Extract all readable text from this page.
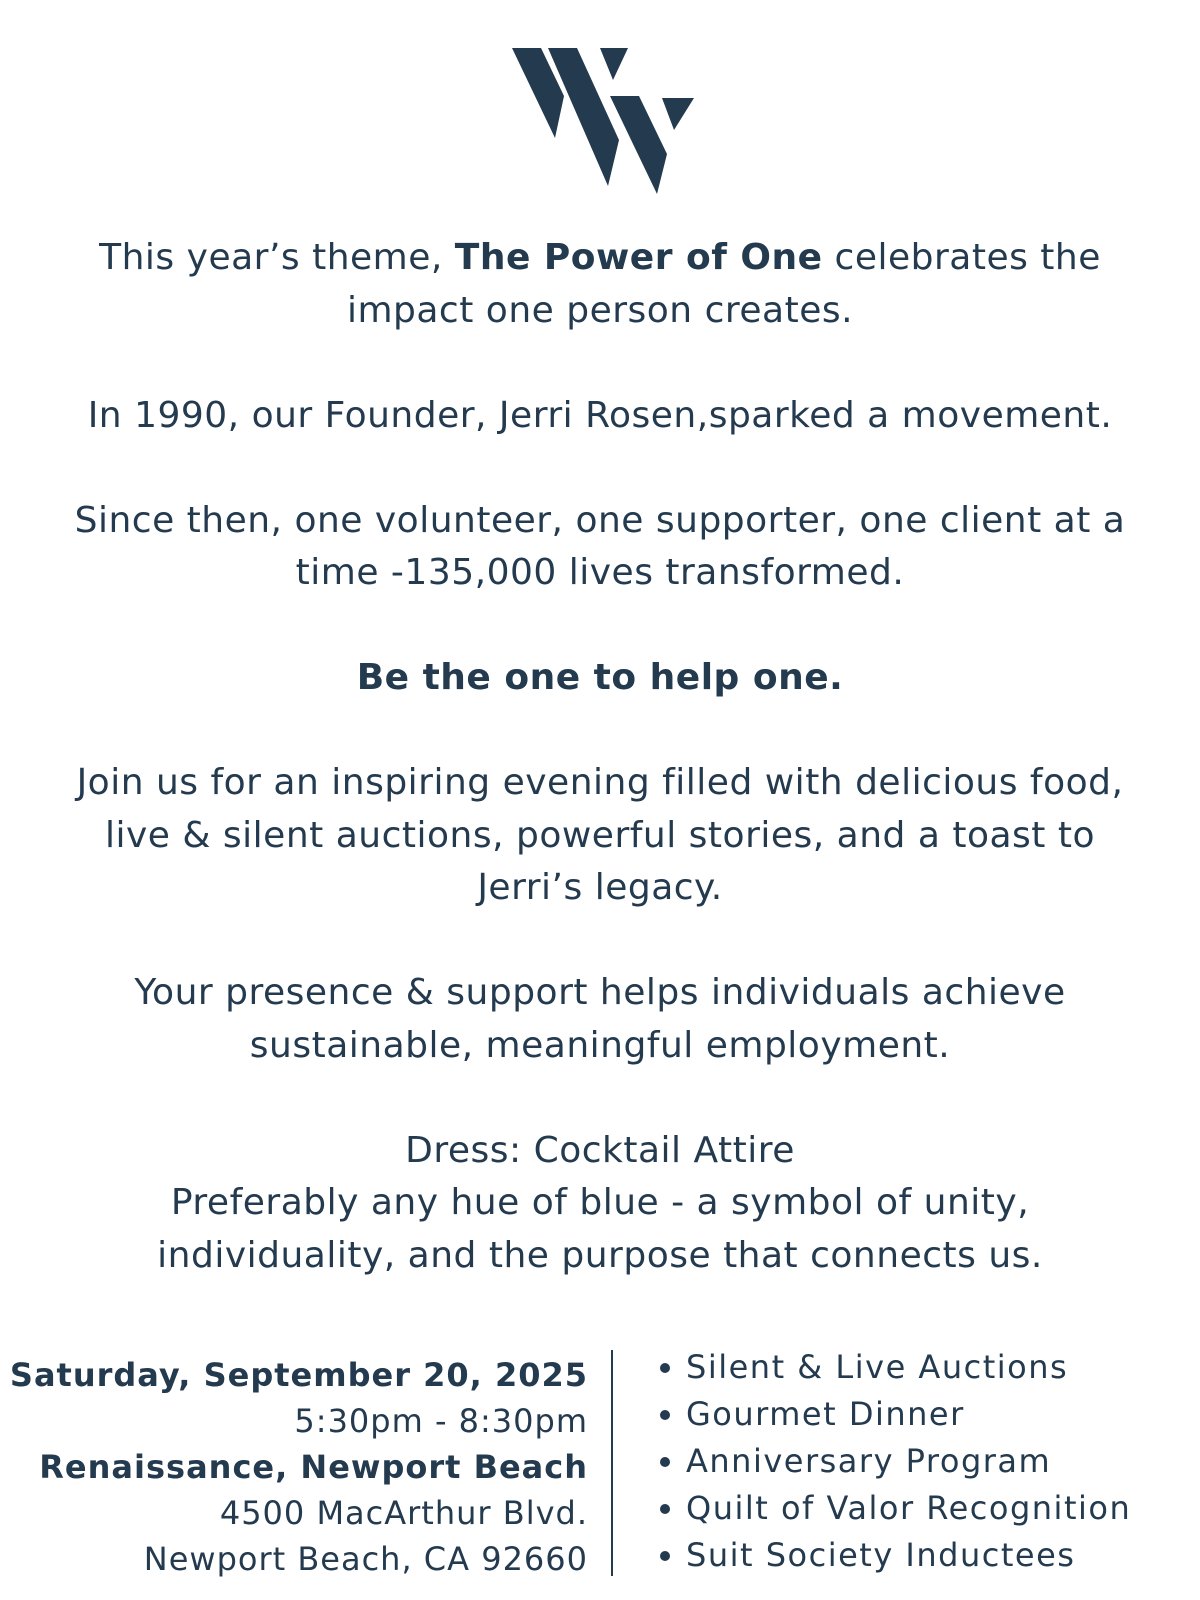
This year’s theme, The Power of One celebrates the

impact one person creates.

In 1990, our Founder, Jerri Rosen,sparked a movement.

Since then, one volunteer, one supporter, one client at a

time -135,000 lives transformed.

Be the one to help one.

Join us for an inspiring evening filled with delicious food,

live & silent auctions, powerful stories, and a toast to

Jerri’s legacy.

Your presence & support helps individuals achieve

sustainable, meaningful employment.

Dress: Cocktail Attire

Preferably any hue of blue - a symbol of unity,

individuality, and the purpose that connects us.

Saturday, September 20, 2025
5:30pm - 8:30pm
Renaissance, Newport Beach
4500 MacArthur Blvd.
Newport Beach, CA 92660
Silent & Live Auctions
Gourmet Dinner
Anniversary Program
Quilt of Valor Recognition
Suit Society Inductees
